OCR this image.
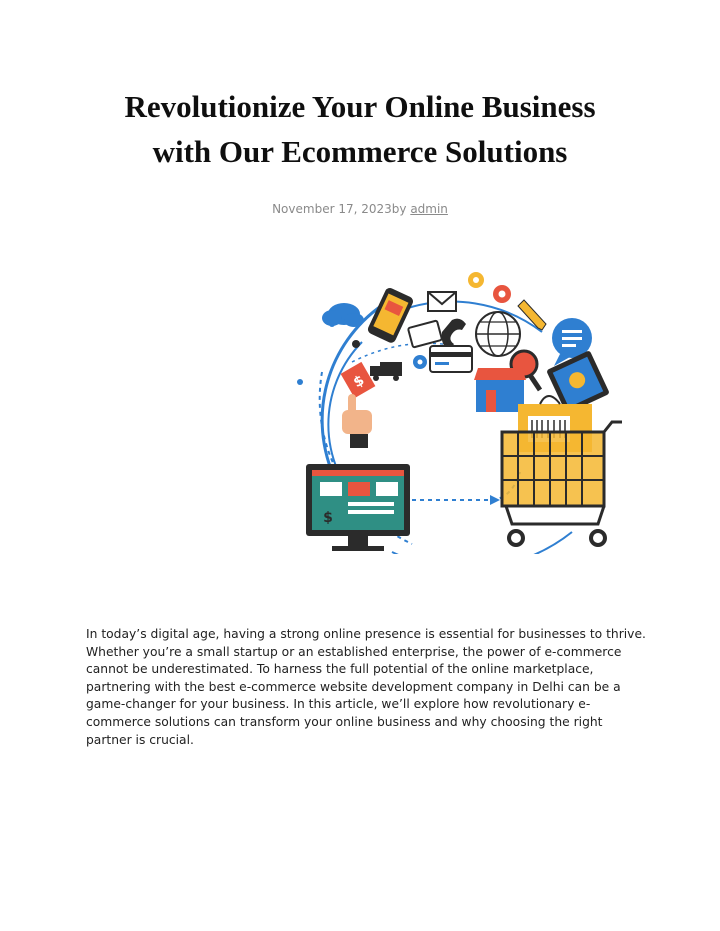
Revolutionize Your Online Business
with Our Ecommerce Solutions
November 17, 2023by admin
$
$

In today’s digital age, having a strong online presence is essential for businesses to thrive. Whether you’re a small startup or an established enterprise, the power of e-commerce cannot be underestimated. To harness the full potential of the online marketplace, partnering with the best e-commerce website development company in Delhi can be a game-changer for your business. In this article, we’ll explore how revolutionary e-commerce solutions can transform your online business and why choosing the right partner is crucial.
